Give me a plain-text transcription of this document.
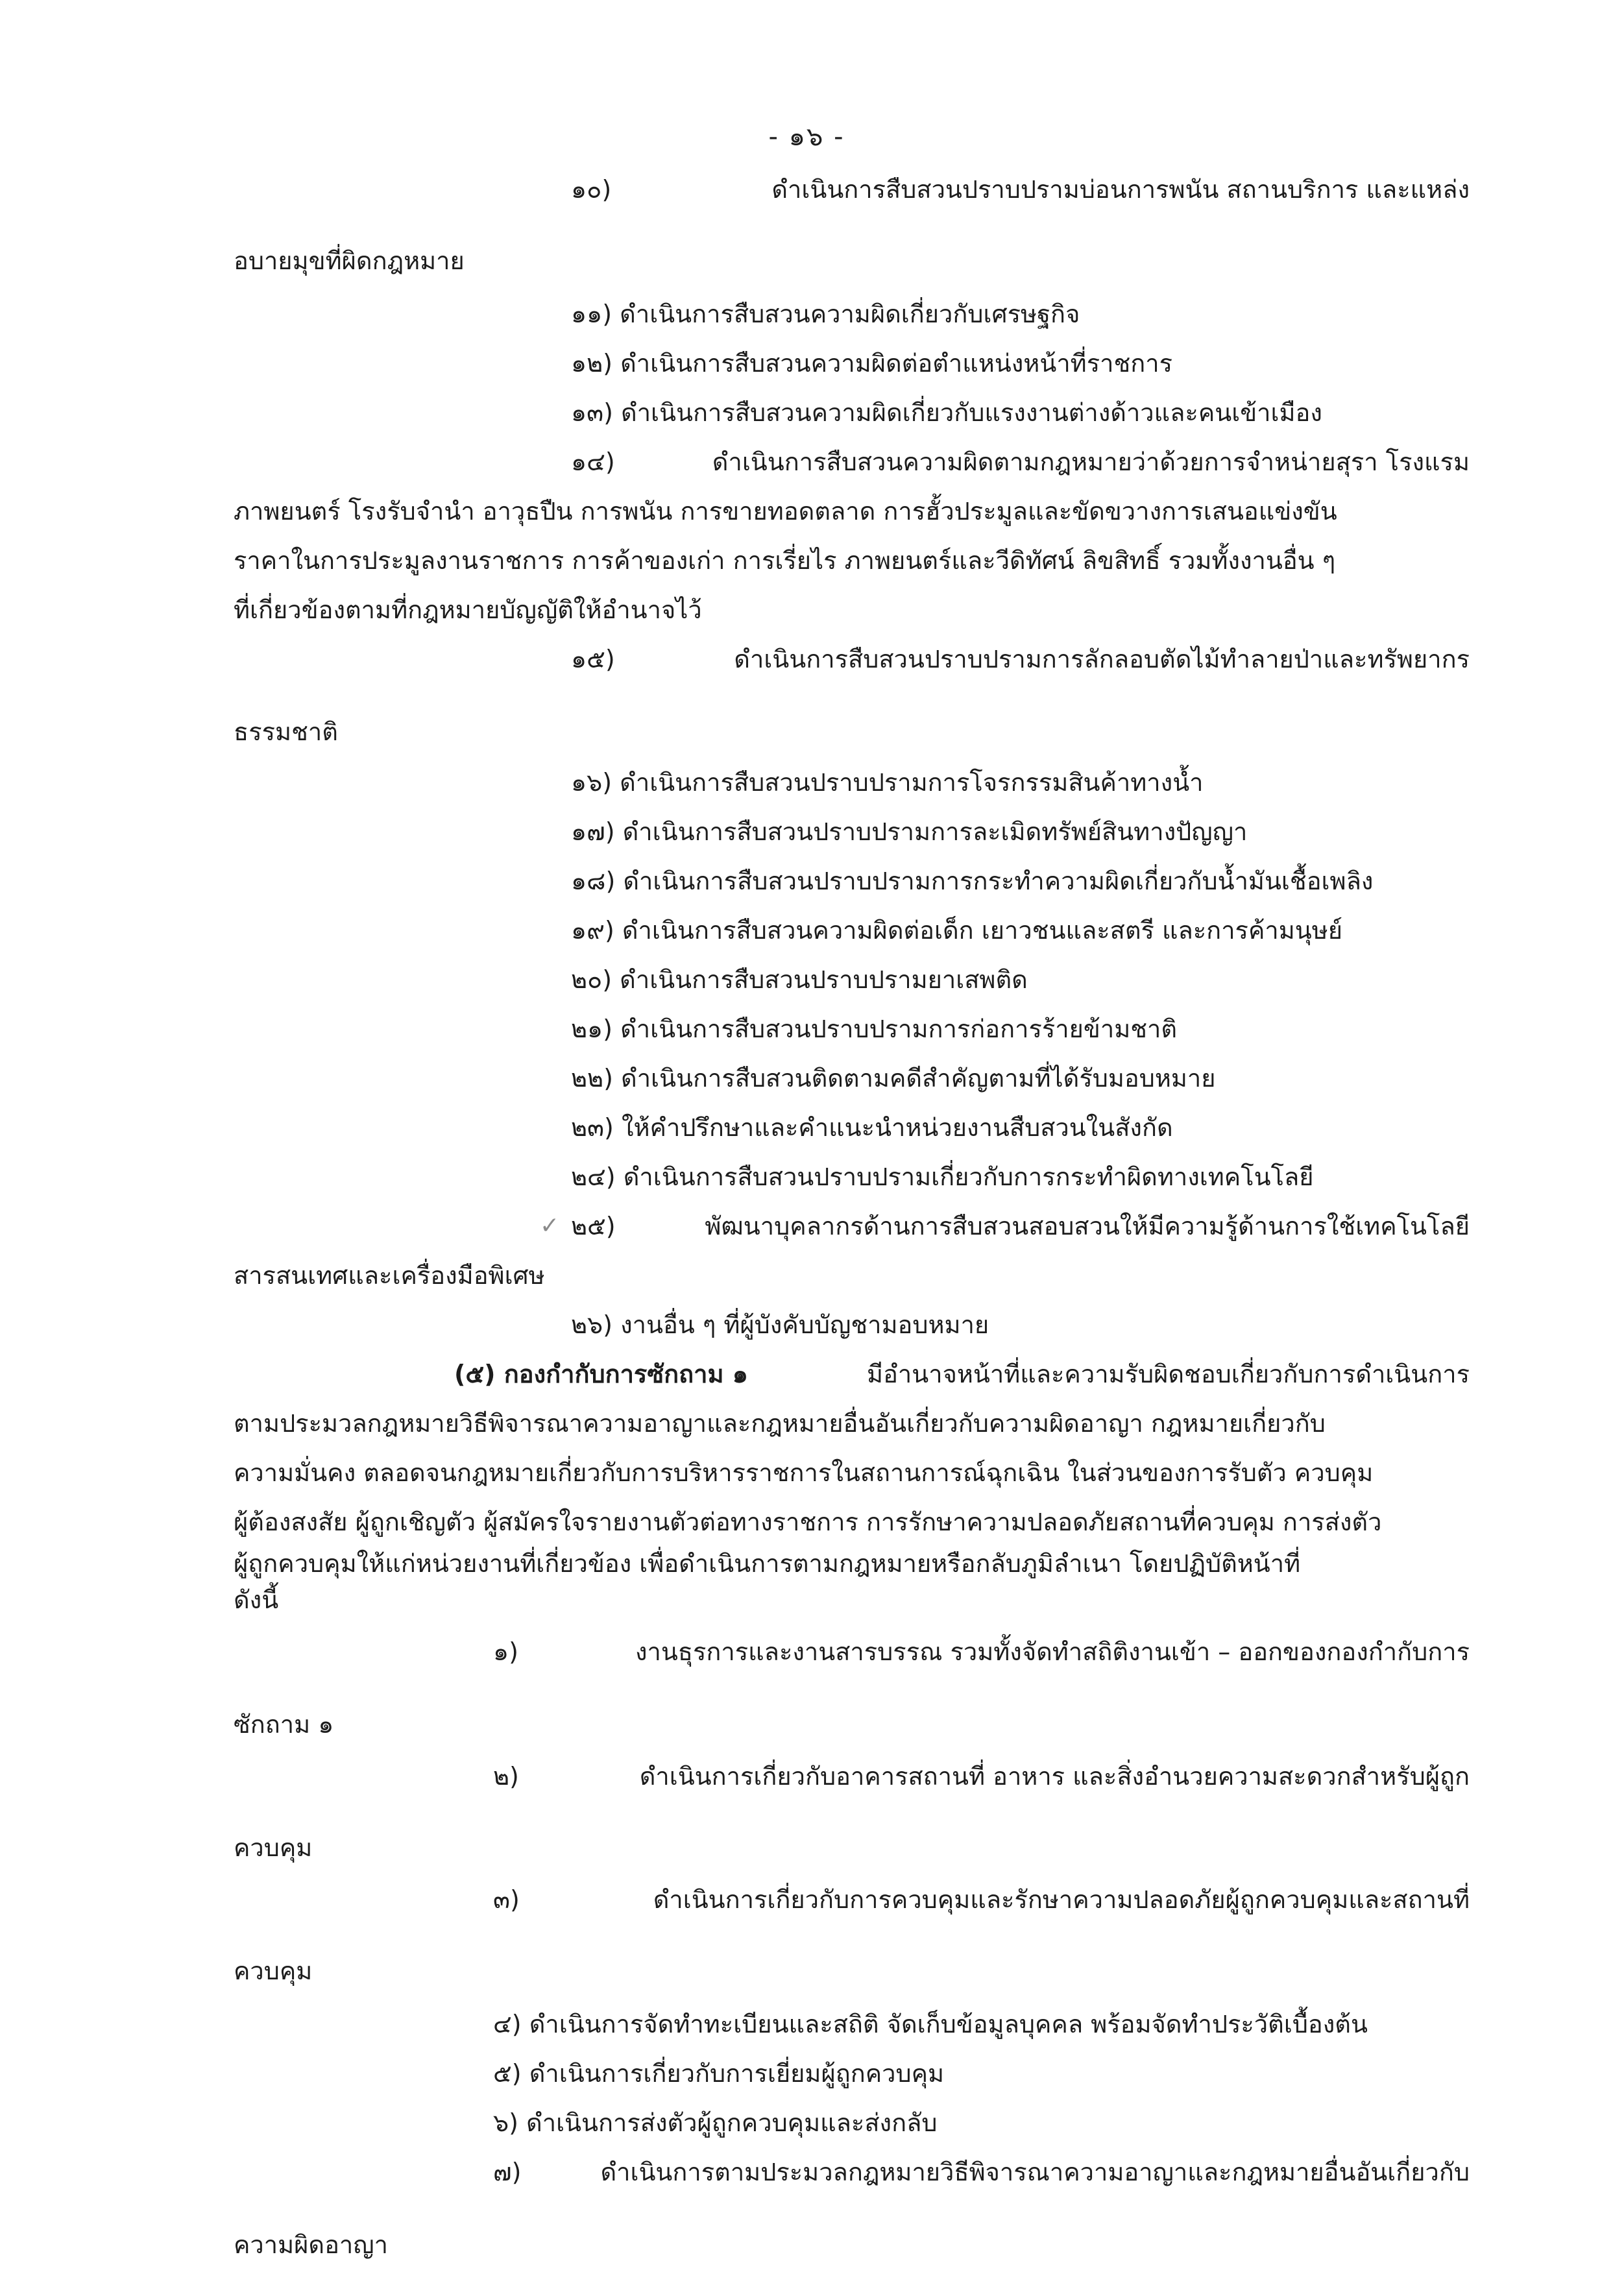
- ๑๖ -
๑๐)	ดำเนินการสืบสวนปราบปรามบ่อนการพนัน สถานบริการ และแหล่ง
อบายมุขที่ผิดกฎหมาย
๑๑) ดำเนินการสืบสวนความผิดเกี่ยวกับเศรษฐกิจ
๑๒) ดำเนินการสืบสวนความผิดต่อตำแหน่งหน้าที่ราชการ
๑๓) ดำเนินการสืบสวนความผิดเกี่ยวกับแรงงานต่างด้าวและคนเข้าเมือง
๑๔)	ดำเนินการสืบสวนความผิดตามกฎหมายว่าด้วยการจำหน่ายสุรา โรงแรม
ภาพยนตร์ โรงรับจำนำ อาวุธปืน การพนัน การขายทอดตลาด การฮั้วประมูลและขัดขวางการเสนอแข่งขัน
ราคาในการประมูลงานราชการ การค้าของเก่า การเรี่ยไร ภาพยนตร์และวีดิทัศน์ ลิขสิทธิ์ รวมทั้งงานอื่น ๆ
ที่เกี่ยวข้องตามที่กฎหมายบัญญัติให้อำนาจไว้
๑๕)	ดำเนินการสืบสวนปราบปรามการลักลอบตัดไม้ทำลายป่าและทรัพยากร
ธรรมชาติ
๑๖) ดำเนินการสืบสวนปราบปรามการโจรกรรมสินค้าทางน้ำ
๑๗) ดำเนินการสืบสวนปราบปรามการละเมิดทรัพย์สินทางปัญญา
๑๘) ดำเนินการสืบสวนปราบปรามการกระทำความผิดเกี่ยวกับน้ำมันเชื้อเพลิง
๑๙) ดำเนินการสืบสวนความผิดต่อเด็ก เยาวชนและสตรี และการค้ามนุษย์
๒๐) ดำเนินการสืบสวนปราบปรามยาเสพติด
๒๑) ดำเนินการสืบสวนปราบปรามการก่อการร้ายข้ามชาติ
๒๒) ดำเนินการสืบสวนติดตามคดีสำคัญตามที่ได้รับมอบหมาย
๒๓) ให้คำปรึกษาและคำแนะนำหน่วยงานสืบสวนในสังกัด
๒๔) ดำเนินการสืบสวนปราบปรามเกี่ยวกับการกระทำผิดทางเทคโนโลยี
✓ ๒๕)	พัฒนาบุคลากรด้านการสืบสวนสอบสวนให้มีความรู้ด้านการใช้เทคโนโลยี
สารสนเทศและเครื่องมือพิเศษ
๒๖) งานอื่น ๆ ที่ผู้บังคับบัญชามอบหมาย
(๕) กองกำกับการซักถาม ๑	มีอำนาจหน้าที่และความรับผิดชอบเกี่ยวกับการดำเนินการ
ตามประมวลกฎหมายวิธีพิจารณาความอาญาและกฎหมายอื่นอันเกี่ยวกับความผิดอาญา กฎหมายเกี่ยวกับ
ความมั่นคง ตลอดจนกฎหมายเกี่ยวกับการบริหารราชการในสถานการณ์ฉุกเฉิน ในส่วนของการรับตัว ควบคุม
ผู้ต้องสงสัย ผู้ถูกเชิญตัว ผู้สมัครใจรายงานตัวต่อทางราชการ การรักษาความปลอดภัยสถานที่ควบคุม การส่งตัว
ผู้ถูกควบคุมให้แก่หน่วยงานที่เกี่ยวข้อง เพื่อดำเนินการตามกฎหมายหรือกลับภูมิลำเนา โดยปฏิบัติหน้าที่
ดังนี้
๑)	งานธุรการและงานสารบรรณ รวมทั้งจัดทำสถิติงานเข้า – ออกของกองกำกับการ
ซักถาม ๑
๒)	ดำเนินการเกี่ยวกับอาคารสถานที่ อาหาร และสิ่งอำนวยความสะดวกสำหรับผู้ถูก
ควบคุม
๓)	ดำเนินการเกี่ยวกับการควบคุมและรักษาความปลอดภัยผู้ถูกควบคุมและสถานที่
ควบคุม
๔) ดำเนินการจัดทำทะเบียนและสถิติ จัดเก็บข้อมูลบุคคล พร้อมจัดทำประวัติเบื้องต้น
๕) ดำเนินการเกี่ยวกับการเยี่ยมผู้ถูกควบคุม
๖) ดำเนินการส่งตัวผู้ถูกควบคุมและส่งกลับ
๗)	ดำเนินการตามประมวลกฎหมายวิธีพิจารณาความอาญาและกฎหมายอื่นอันเกี่ยวกับ
ความผิดอาญา
